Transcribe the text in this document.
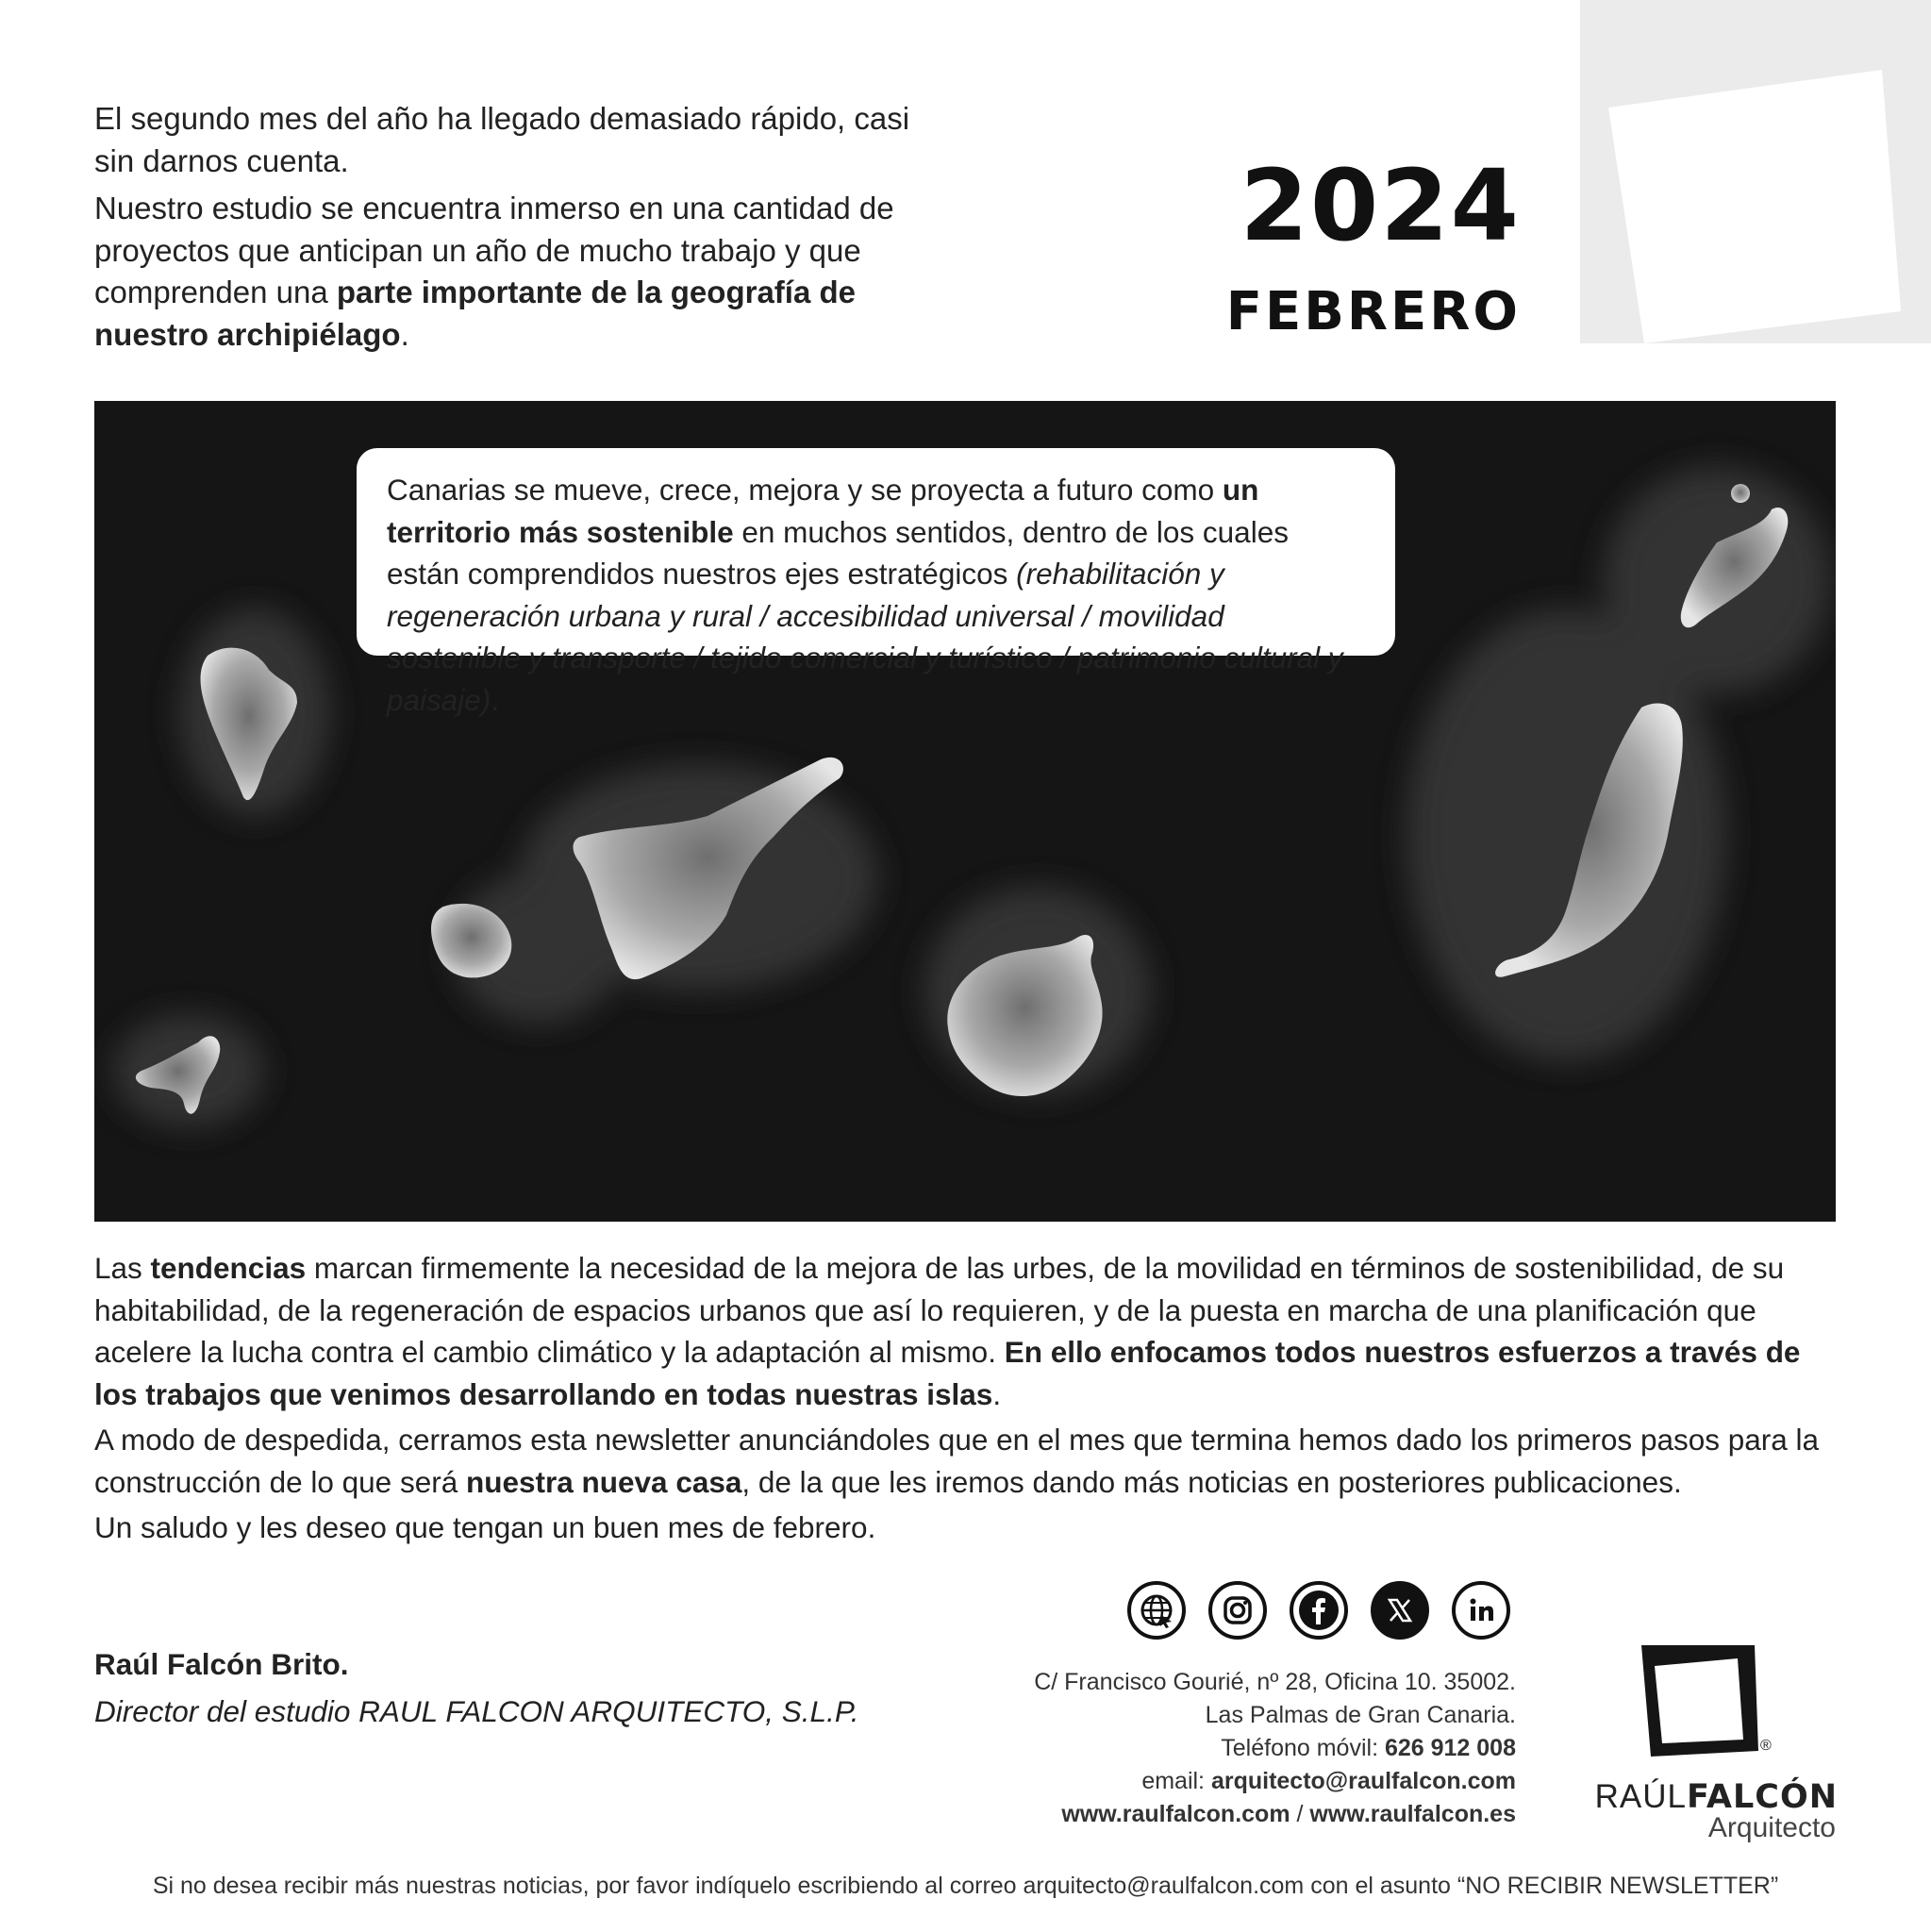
El segundo mes del año ha llegado demasiado rápido, casi sin darnos cuenta.

Nuestro estudio se encuentra inmerso en una cantidad de proyectos que anticipan un año de mucho trabajo y que comprenden una parte importante de la geografía de nuestro archipiélago.

2024
FEBRERO

Canarias se mueve, crece, mejora y se proyecta a futuro como un territorio más sostenible en muchos sentidos, dentro de los cuales están comprendidos nuestros ejes estratégicos (rehabilitación y regeneración urbana y rural / accesibilidad universal / movilidad sostenible y transporte / tejido comercial y turístico / patrimonio cultural y paisaje).

Las tendencias marcan firmemente la necesidad de la mejora de las urbes, de la movilidad en términos de sostenibilidad, de su habitabilidad, de la regeneración de espacios urbanos que así lo requieren, y de la puesta en marcha de una planificación que acelere la lucha contra el cambio climático y la adaptación al mismo. En ello enfocamos todos nuestros esfuerzos a través de los trabajos que venimos desarrollando en todas nuestras islas.

A modo de despedida, cerramos esta newsletter anunciándoles que en el mes que termina hemos dado los primeros pasos para la construcción de lo que será nuestra nueva casa, de la que les iremos dando más noticias en posteriores publicaciones.

Un saludo y les deseo que tengan un buen mes de febrero.

Raúl Falcón Brito.
Director del estudio RAUL FALCON ARQUITECTO, S.L.P.
C/ Francisco Gourié, nº 28, Oficina 10. 35002.
Las Palmas de Gran Canaria.
Teléfono móvil: 626 912 008
email: arquitecto@raulfalcon.com
www.raulfalcon.com / www.raulfalcon.es
®
RAÚLFALCÓN
Arquitecto
Si no desea recibir más nuestras noticias, por favor indíquelo escribiendo al correo arquitecto@raulfalcon.com con el asunto “NO RECIBIR NEWSLETTER”
